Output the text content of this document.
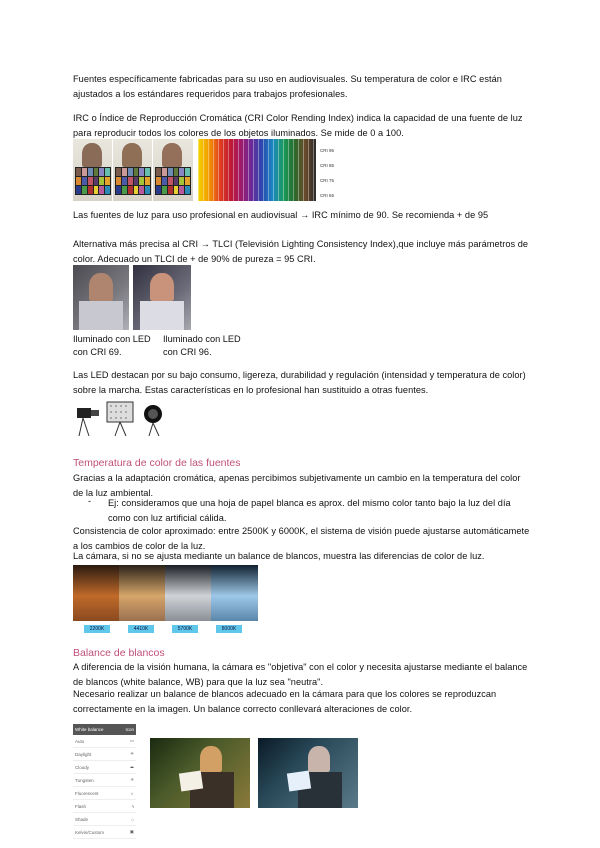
Fuentes específicamente fabricadas para su uso en audiovisuales. Su temperatura de color e IRC están ajustados a los estándares requeridos para trabajos profesionales.
IRC o Índice de Reproducción Cromática (CRI Color Rending Index) indica la capacidad de una fuente de luz para reproducir todos los colores de los objetos iluminados. Se mide de 0 a 100.
CRI 95
CRI 85
CRI 75
CRI 65
Las fuentes de luz para uso profesional en audiovisual → IRC mínimo de 90. Se recomienda + de 95
Alternativa más precisa al CRI → TLCI (Televisión Lighting Consistency Index),que incluye más parámetros de color. Adecuado un TLCI de + de 90% de pureza = 95 CRI.
Iluminado con LED con CRI 69.
Iluminado con LED con CRI 96.
Las LED destacan por su bajo consumo, ligereza, durabilidad y regulación (intensidad y temperatura de color) sobre la marcha. Estas características en lo profesional han sustituido a otras fuentes.
Temperatura de color de las fuentes
Gracias a la adaptación cromática, apenas percibimos subjetivamente un cambio en la temperatura del color de la luz ambiental.
- Ej: consideramos que una hoja de papel blanca es aprox. del mismo color tanto bajo la luz del día como con luz artificial cálida.
Consistencia de color aproximado: entre 2500K y 6000K, el sistema de visión puede ajustarse automáticamete a los cambios de color de la luz.
La cámara, si no se ajusta mediante un balance de blancos, muestra las diferencias de color de luz.
2200K	4410K	5700K	8000K
Balance de blancos
A diferencia de la visión humana, la cámara es "objetiva" con el color y necesita ajustarse mediante el balance de blancos (white balance, WB) para que la luz sea "neutra".
Necesario realizar un balance de blancos adecuado en la cámara para que los colores se reproduzcan correctamente en la imagen. Un balance correcto conllevará alteraciones de color.
White balance	Icon
Auto	▭
Daylight	☀
Cloudy	☁
Tungsten	✳
Fluorescent	☼
Flash	ϟ
Shade	⌂
Kelvin/Custom	▣
